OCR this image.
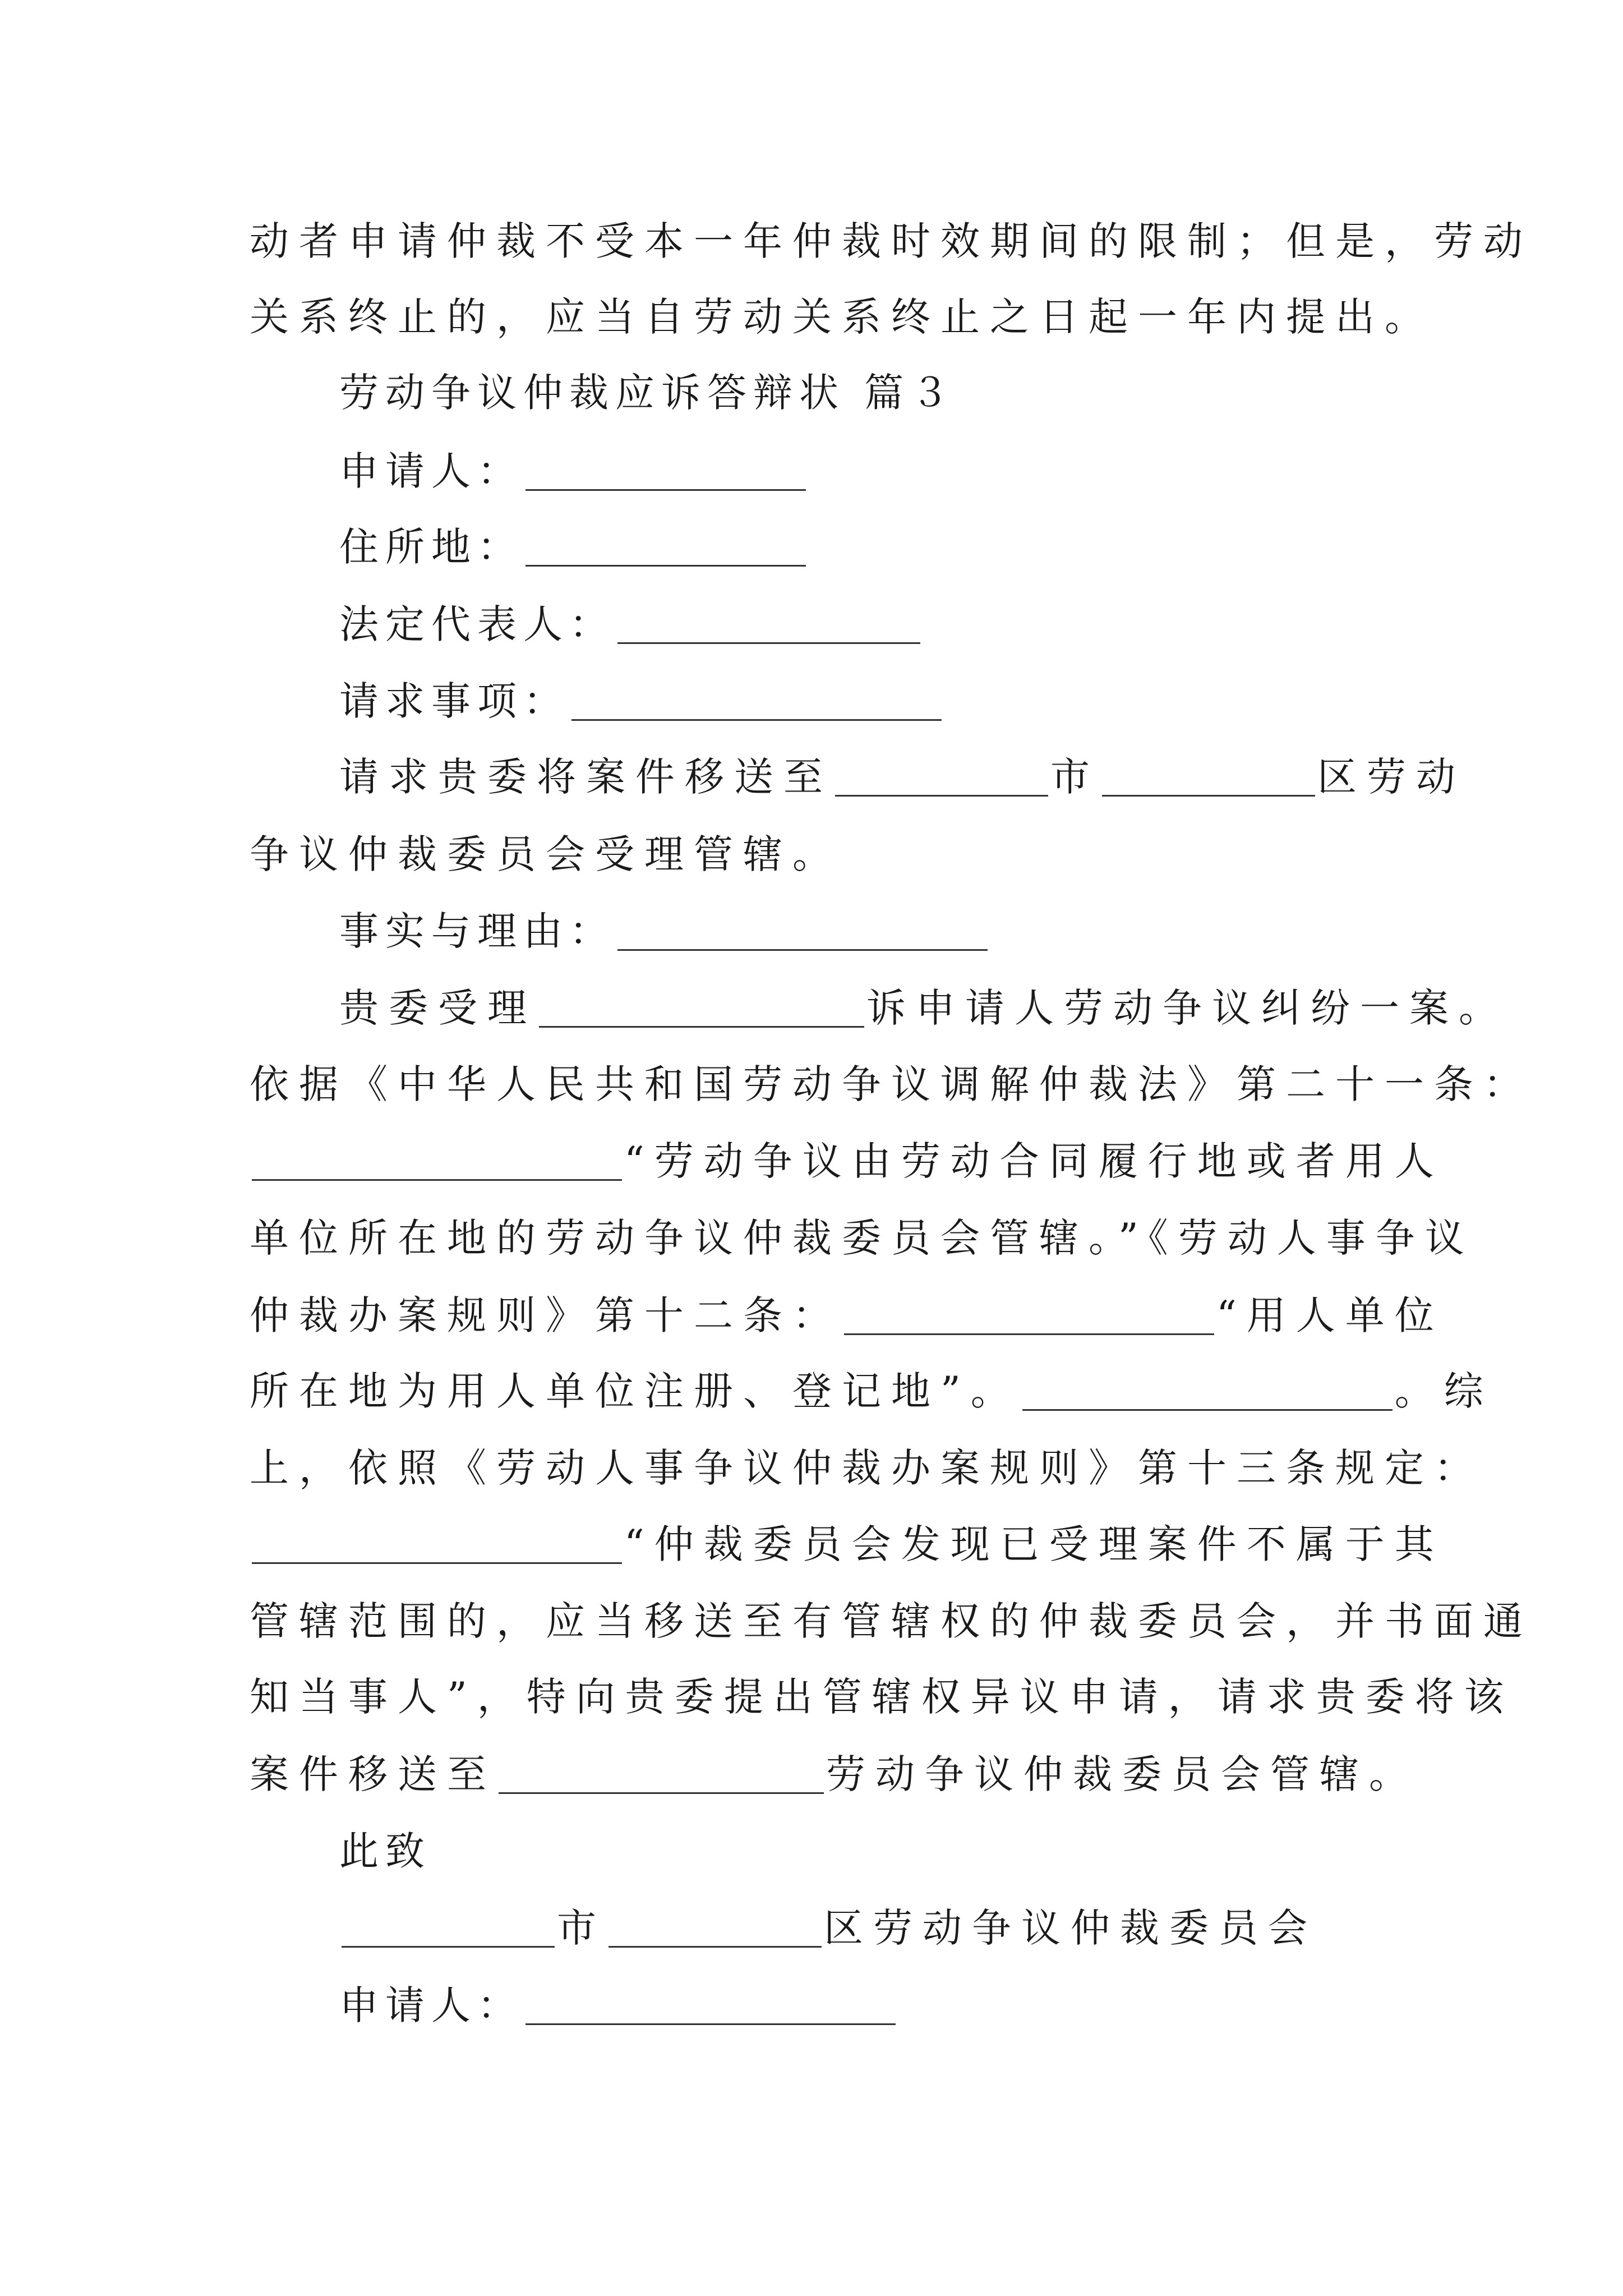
动者申请仲裁不受本一年仲裁时效期间的限制；但是，劳动
关系终止的，应当自劳动关系终止之日起一年内提出。
劳动争议仲裁应诉答辩状 篇３
申请人：
住所地：
法定代表人：
请求事项：
请求贵委将案件移送至	市	区劳动
争议仲裁委员会受理管辖。
事实与理由：
贵委受理	诉申请人劳动争议纠纷一案。
依据《中华人民共和国劳动争议调解仲裁法》第二十一条：
“劳动争议由劳动合同履行地或者用人
单位所在地的劳动争议仲裁委员会管辖。”《劳动人事争议
仲裁办案规则》第十二条：	“用人单位
所在地为用人单位注册、登记地”。	。综
上，依照《劳动人事争议仲裁办案规则》第十三条规定：
“仲裁委员会发现已受理案件不属于其
管辖范围的，应当移送至有管辖权的仲裁委员会，并书面通
知当事人”，特向贵委提出管辖权异议申请，请求贵委将该
案件移送至	劳动争议仲裁委员会管辖。
此致
市	区劳动争议仲裁委员会
申请人：
